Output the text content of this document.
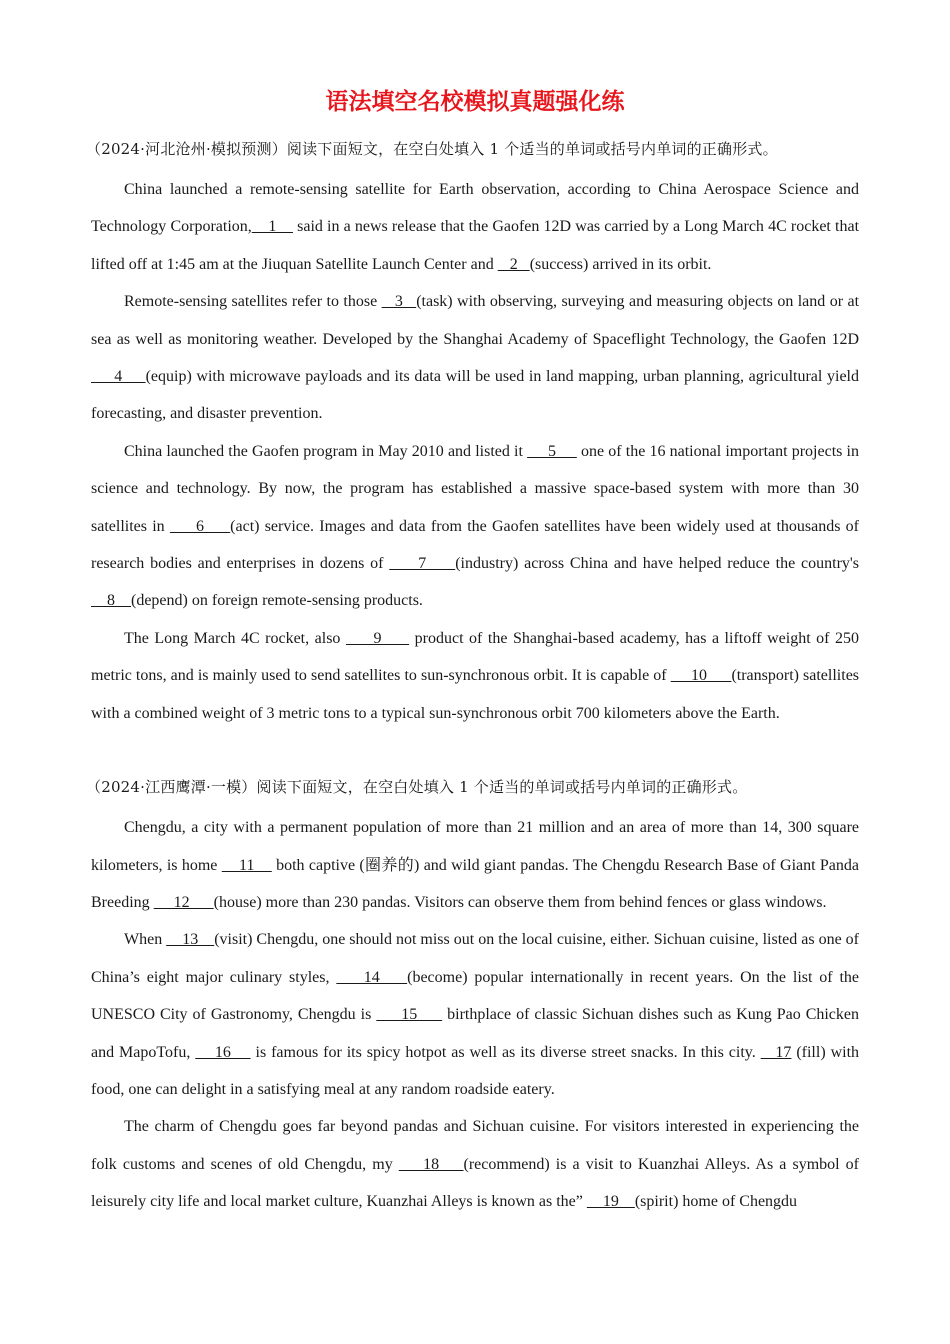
语法填空名校模拟真题强化练
（2024·河北沧州·模拟预测）阅读下面短文，在空白处填入 1 个适当的单词或括号内单词的正确形式。

China launched a remote-sensing satellite for Earth observation, according to China Aerospace Science and Technology Corporation,    1     said in a news release that the Gaofen 12D was carried by a Long March 4C rocket that lifted off at 1:45 am at the Jiuquan Satellite Launch Center and    2   (success) arrived in its orbit.

Remote-sensing satellites refer to those    3   (task) with observing, surveying and measuring objects on land or at sea as well as monitoring weather. Developed by the Shanghai Academy of Spaceflight Technology, the Gaofen 12D     4     (equip) with microwave payloads and its data will be used in land mapping, urban planning, agricultural yield forecasting, and disaster prevention.

China launched the Gaofen program in May 2010 and listed it      5      one of the 16 national important projects in science and technology. By now, the program has established a massive space-based system with more than 30 satellites in      6     (act) service. Images and data from the Gaofen satellites have been widely used at thousands of research bodies and enterprises in dozens of      7     (industry) across China and have helped reduce the country's     8    (depend) on foreign remote-sensing products.

The Long March 4C rocket, also      9      product of the Shanghai-based academy, has a liftoff weight of 250 metric tons, and is mainly used to send satellites to sun-synchronous orbit. It is capable of      10      (transport) satellites with a combined weight of 3 metric tons to a typical sun-synchronous orbit 700 kilometers above the Earth.

（2024·江西鹰潭·一模）阅读下面短文，在空白处填入 1 个适当的单词或括号内单词的正确形式。

Chengdu, a city with a permanent population of more than 21 million and an area of more than 14, 300 square kilometers, is home     11     both captive (圈养的) and wild giant pandas. The Chengdu Research Base of Giant Panda Breeding      12      (house) more than 230 pandas. Visitors can observe them from behind fences or glass windows.

When     13    (visit) Chengdu, one should not miss out on the local cuisine, either. Sichuan cuisine, listed as one of China’s eight major culinary styles,     14    (become) popular internationally in recent years. On the list of the UNESCO City of Gastronomy, Chengdu is      15      birthplace of classic Sichuan dishes such as Kung Pao Chicken and MapoTofu,     16     is famous for its spicy hotpot as well as its diverse street snacks. In this city.    17 (fill) with food, one can delight in a satisfying meal at any random roadside eatery.

The charm of Chengdu goes far beyond pandas and Sichuan cuisine. For visitors interested in experiencing the folk customs and scenes of old Chengdu, my     18    (recommend) is a visit to Kuanzhai Alleys. As a symbol of leisurely city life and local market culture, Kuanzhai Alleys is known as the”     19    (spirit) home of Chengdu
